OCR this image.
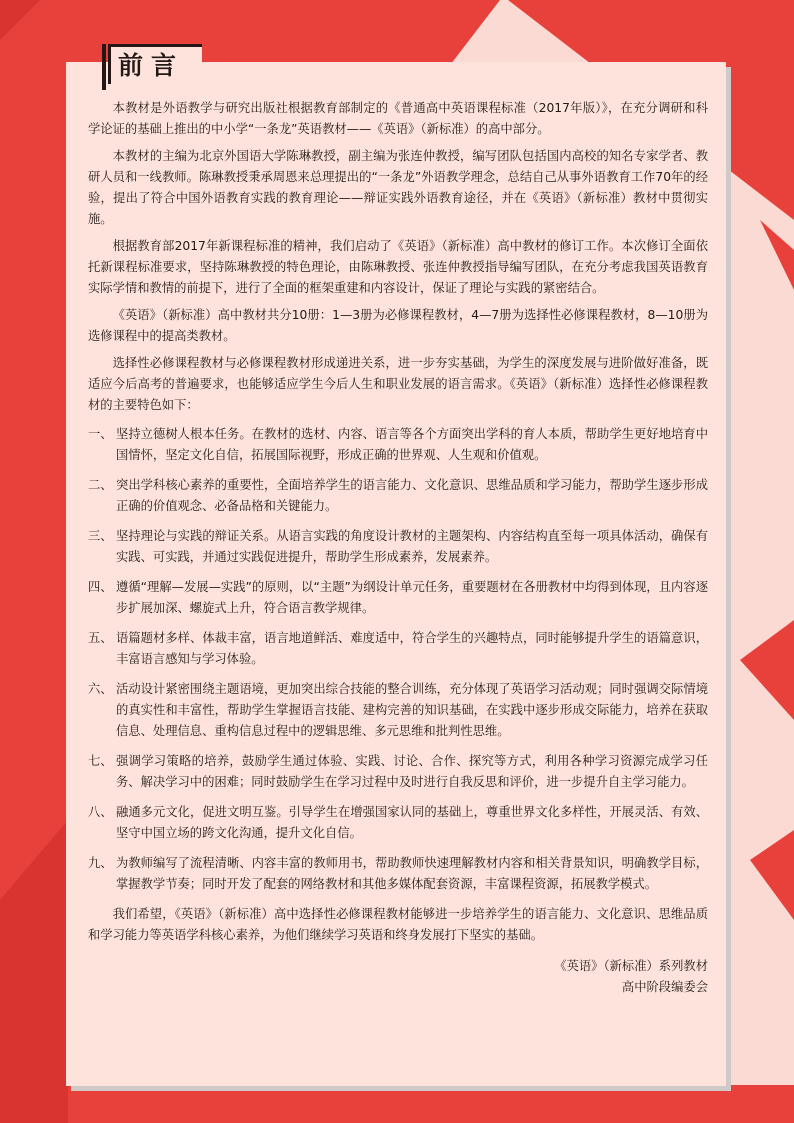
前言

本教材是外语教学与研究出版社根据教育部制定的《普通高中英语课程标准（2017年版）》，在充分调研和科学论证的基础上推出的中小学“一条龙”英语教材——《英语》（新标准）的高中部分。

本教材的主编为北京外国语大学陈琳教授，副主编为张连仲教授，编写团队包括国内高校的知名专家学者、教研人员和一线教师。陈琳教授秉承周恩来总理提出的“一条龙”外语教学理念，总结自己从事外语教育工作70年的经验，提出了符合中国外语教育实践的教育理论——辩证实践外语教育途径，并在《英语》（新标准）教材中贯彻实施。

根据教育部2017年新课程标准的精神，我们启动了《英语》（新标准）高中教材的修订工作。本次修订全面依托新课程标准要求，坚持陈琳教授的特色理论，由陈琳教授、张连仲教授指导编写团队，在充分考虑我国英语教育实际学情和教情的前提下，进行了全面的框架重建和内容设计，保证了理论与实践的紧密结合。

《英语》（新标准）高中教材共分10册：1—3册为必修课程教材，4—7册为选择性必修课程教材，8—10册为选修课程中的提高类教材。

选择性必修课程教材与必修课程教材形成递进关系，进一步夯实基础，为学生的深度发展与进阶做好准备，既适应今后高考的普遍要求，也能够适应学生今后人生和职业发展的语言需求。《英语》（新标准）选择性必修课程教材的主要特色如下：

一、 坚持立德树人根本任务。在教材的选材、内容、语言等各个方面突出学科的育人本质，帮助学生更好地培育中国情怀，坚定文化自信，拓展国际视野，形成正确的世界观、人生观和价值观。
二、 突出学科核心素养的重要性，全面培养学生的语言能力、文化意识、思维品质和学习能力，帮助学生逐步形成正确的价值观念、必备品格和关键能力。
三、 坚持理论与实践的辩证关系。从语言实践的角度设计教材的主题架构、内容结构直至每一项具体活动，确保有实践、可实践，并通过实践促进提升，帮助学生形成素养，发展素养。
四、 遵循“理解—发展—实践”的原则，以“主题”为纲设计单元任务，重要题材在各册教材中均得到体现，且内容逐步扩展加深、螺旋式上升，符合语言教学规律。
五、 语篇题材多样、体裁丰富，语言地道鲜活、难度适中，符合学生的兴趣特点，同时能够提升学生的语篇意识，丰富语言感知与学习体验。
六、 活动设计紧密围绕主题语境，更加突出综合技能的整合训练，充分体现了英语学习活动观；同时强调交际情境的真实性和丰富性，帮助学生掌握语言技能、建构完善的知识基础，在实践中逐步形成交际能力，培养在获取信息、处理信息、重构信息过程中的逻辑思维、多元思维和批判性思维。
七、 强调学习策略的培养，鼓励学生通过体验、实践、讨论、合作、探究等方式，利用各种学习资源完成学习任务、解决学习中的困难；同时鼓励学生在学习过程中及时进行自我反思和评价，进一步提升自主学习能力。
八、 融通多元文化，促进文明互鉴。引导学生在增强国家认同的基础上，尊重世界文化多样性，开展灵活、有效、坚守中国立场的跨文化沟通，提升文化自信。
九、 为教师编写了流程清晰、内容丰富的教师用书，帮助教师快速理解教材内容和相关背景知识，明确教学目标，掌握教学节奏；同时开发了配套的网络教材和其他多媒体配套资源，丰富课程资源，拓展教学模式。

我们希望，《英语》（新标准）高中选择性必修课程教材能够进一步培养学生的语言能力、文化意识、思维品质和学习能力等英语学科核心素养，为他们继续学习英语和终身发展打下坚实的基础。

《英语》（新标准）系列教材

高中阶段编委会
